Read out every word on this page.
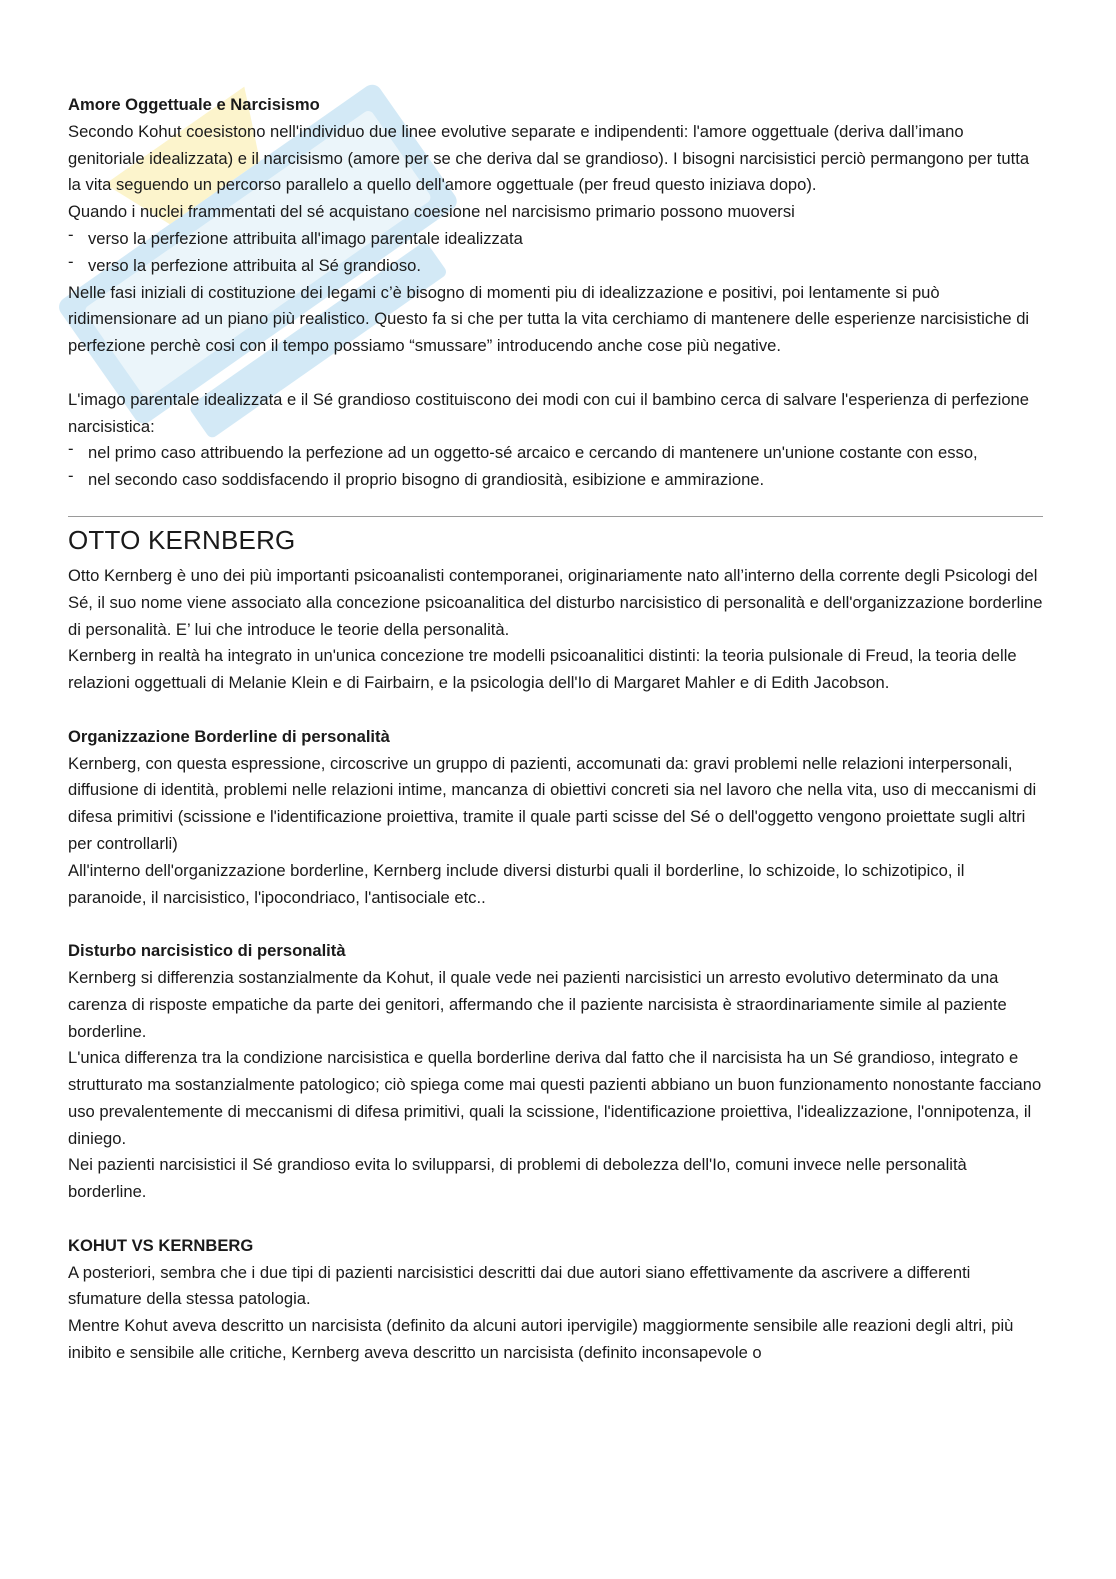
Amore Oggettuale e Narcisismo

Secondo Kohut coesistono nell'individuo due linee evolutive separate e indipendenti: l'amore oggettuale (deriva dall’imano genitoriale idealizzata) e il narcisismo (amore per se che deriva dal se grandioso). I bisogni narcisistici perciò permangono per tutta la vita seguendo un percorso parallelo a quello dell'amore oggettuale (per freud questo iniziava dopo).

Quando i nuclei frammentati del sé acquistano coesione nel narcisismo primario possono muoversi

- verso la perfezione attribuita all'imago parentale idealizzata
- verso la perfezione attribuita al Sé grandioso.

Nelle fasi iniziali di costituzione dei legami c’è bisogno di momenti piu di idealizzazione e positivi, poi lentamente si può ridimensionare ad un piano più realistico. Questo fa si che per tutta la vita cerchiamo di mantenere delle esperienze narcisistiche di perfezione perchè cosi con il tempo possiamo “smussare” introducendo anche cose più negative.

L'imago parentale idealizzata e il Sé grandioso costituiscono dei modi con cui il bambino cerca di salvare l'esperienza di perfezione narcisistica:

- nel primo caso attribuendo la perfezione ad un oggetto-sé arcaico e cercando di mantenere un'unione costante con esso,
- nel secondo caso soddisfacendo il proprio bisogno di grandiosità, esibizione e ammirazione.
OTTO KERNBERG

Otto Kernberg è uno dei più importanti psicoanalisti contemporanei, originariamente nato all’interno della corrente degli Psicologi del Sé, il suo nome viene associato alla concezione psicoanalitica del disturbo narcisistico di personalità e dell'organizzazione borderline di personalità. E’ lui che introduce le teorie della personalità.

Kernberg in realtà ha integrato in un'unica concezione tre modelli psicoanalitici distinti: la teoria pulsionale di Freud, la teoria delle relazioni oggettuali di Melanie Klein e di Fairbairn, e la psicologia dell'Io di Margaret Mahler e di Edith Jacobson.

Organizzazione Borderline di personalità

Kernberg, con questa espressione, circoscrive un gruppo di pazienti, accomunati da: gravi problemi nelle relazioni interpersonali, diffusione di identità, problemi nelle relazioni intime, mancanza di obiettivi concreti sia nel lavoro che nella vita, uso di meccanismi di difesa primitivi (scissione e l'identificazione proiettiva, tramite il quale parti scisse del Sé o dell'oggetto vengono proiettate sugli altri per controllarli)

All'interno dell'organizzazione borderline, Kernberg include diversi disturbi quali il borderline, lo schizoide, lo schizotipico, il paranoide, il narcisistico, l'ipocondriaco, l'antisociale etc..

Disturbo narcisistico di personalità

Kernberg si differenzia sostanzialmente da Kohut, il quale vede nei pazienti narcisistici un arresto evolutivo determinato da una carenza di risposte empatiche da parte dei genitori, affermando che il paziente narcisista è straordinariamente simile al paziente borderline.

L'unica differenza tra la condizione narcisistica e quella borderline deriva dal fatto che il narcisista ha un Sé grandioso, integrato e strutturato ma sostanzialmente patologico; ciò spiega come mai questi pazienti abbiano un buon funzionamento nonostante facciano uso prevalentemente di meccanismi di difesa primitivi, quali la scissione, l'identificazione proiettiva, l'idealizzazione, l'onnipotenza, il diniego.

Nei pazienti narcisistici il Sé grandioso evita lo svilupparsi, di problemi di debolezza dell'Io, comuni invece nelle personalità borderline.

KOHUT VS KERNBERG

A posteriori, sembra che i due tipi di pazienti narcisistici descritti dai due autori siano effettivamente da ascrivere a differenti sfumature della stessa patologia.

Mentre Kohut aveva descritto un narcisista (definito da alcuni autori ipervigile) maggiormente sensibile alle reazioni degli altri, più inibito e sensibile alle critiche, Kernberg aveva descritto un narcisista (definito inconsapevole o
